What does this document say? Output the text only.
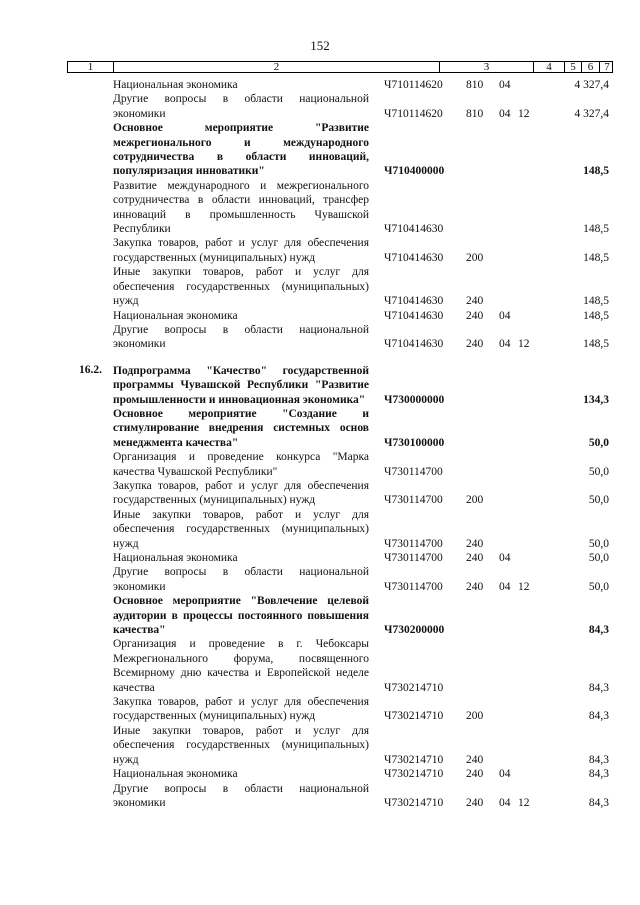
152
1	2	3	4	5	6	7
Национальная экономика	Ч710114620 810 04	4 327,4
Другие вопросы в области национальной экономики	Ч710114620 810 04 12	4 327,4
Основное мероприятие "Развитие межрегионального и международного сотрудничества в области инноваций, популяризация инноватики"	Ч710400000	148,5
Развитие международного и межрегионального сотрудничества в области инноваций, трансфер инноваций в промышленность Чувашской Республики	Ч710414630	148,5
Закупка товаров, работ и услуг для обеспечения государственных (муниципальных) нужд	Ч710414630 200	148,5
Иные закупки товаров, работ и услуг для обеспечения государственных (муниципальных) нужд	Ч710414630 240	148,5
Национальная экономика	Ч710414630 240 04	148,5
Другие вопросы в области национальной экономики	Ч710414630 240 04 12	148,5
16.2. Подпрограмма "Качество" государственной программы Чувашской Республики "Развитие промышленности и инновационная экономика"	Ч730000000	134,3
Основное мероприятие "Создание и стимулирование внедрения системных основ менеджмента качества"	Ч730100000	50,0
Организация и проведение конкурса "Марка качества Чувашской Республики"	Ч730114700	50,0
Закупка товаров, работ и услуг для обеспечения государственных (муниципальных) нужд	Ч730114700 200	50,0
Иные закупки товаров, работ и услуг для обеспечения государственных (муниципальных) нужд	Ч730114700 240	50,0
Национальная экономика	Ч730114700 240 04	50,0
Другие вопросы в области национальной экономики	Ч730114700 240 04 12	50,0
Основное мероприятие "Вовлечение целевой аудитории в процессы постоянного повышения качества"	Ч730200000	84,3
Организация и проведение в г. Чебоксары Межрегионального форума, посвященного Всемирному дню качества и Европейской неделе качества	Ч730214710	84,3
Закупка товаров, работ и услуг для обеспечения государственных (муниципальных) нужд	Ч730214710 200	84,3
Иные закупки товаров, работ и услуг для обеспечения государственных (муниципальных) нужд	Ч730214710 240	84,3
Национальная экономика	Ч730214710 240 04	84,3
Другие вопросы в области национальной экономики	Ч730214710 240 04 12	84,3
